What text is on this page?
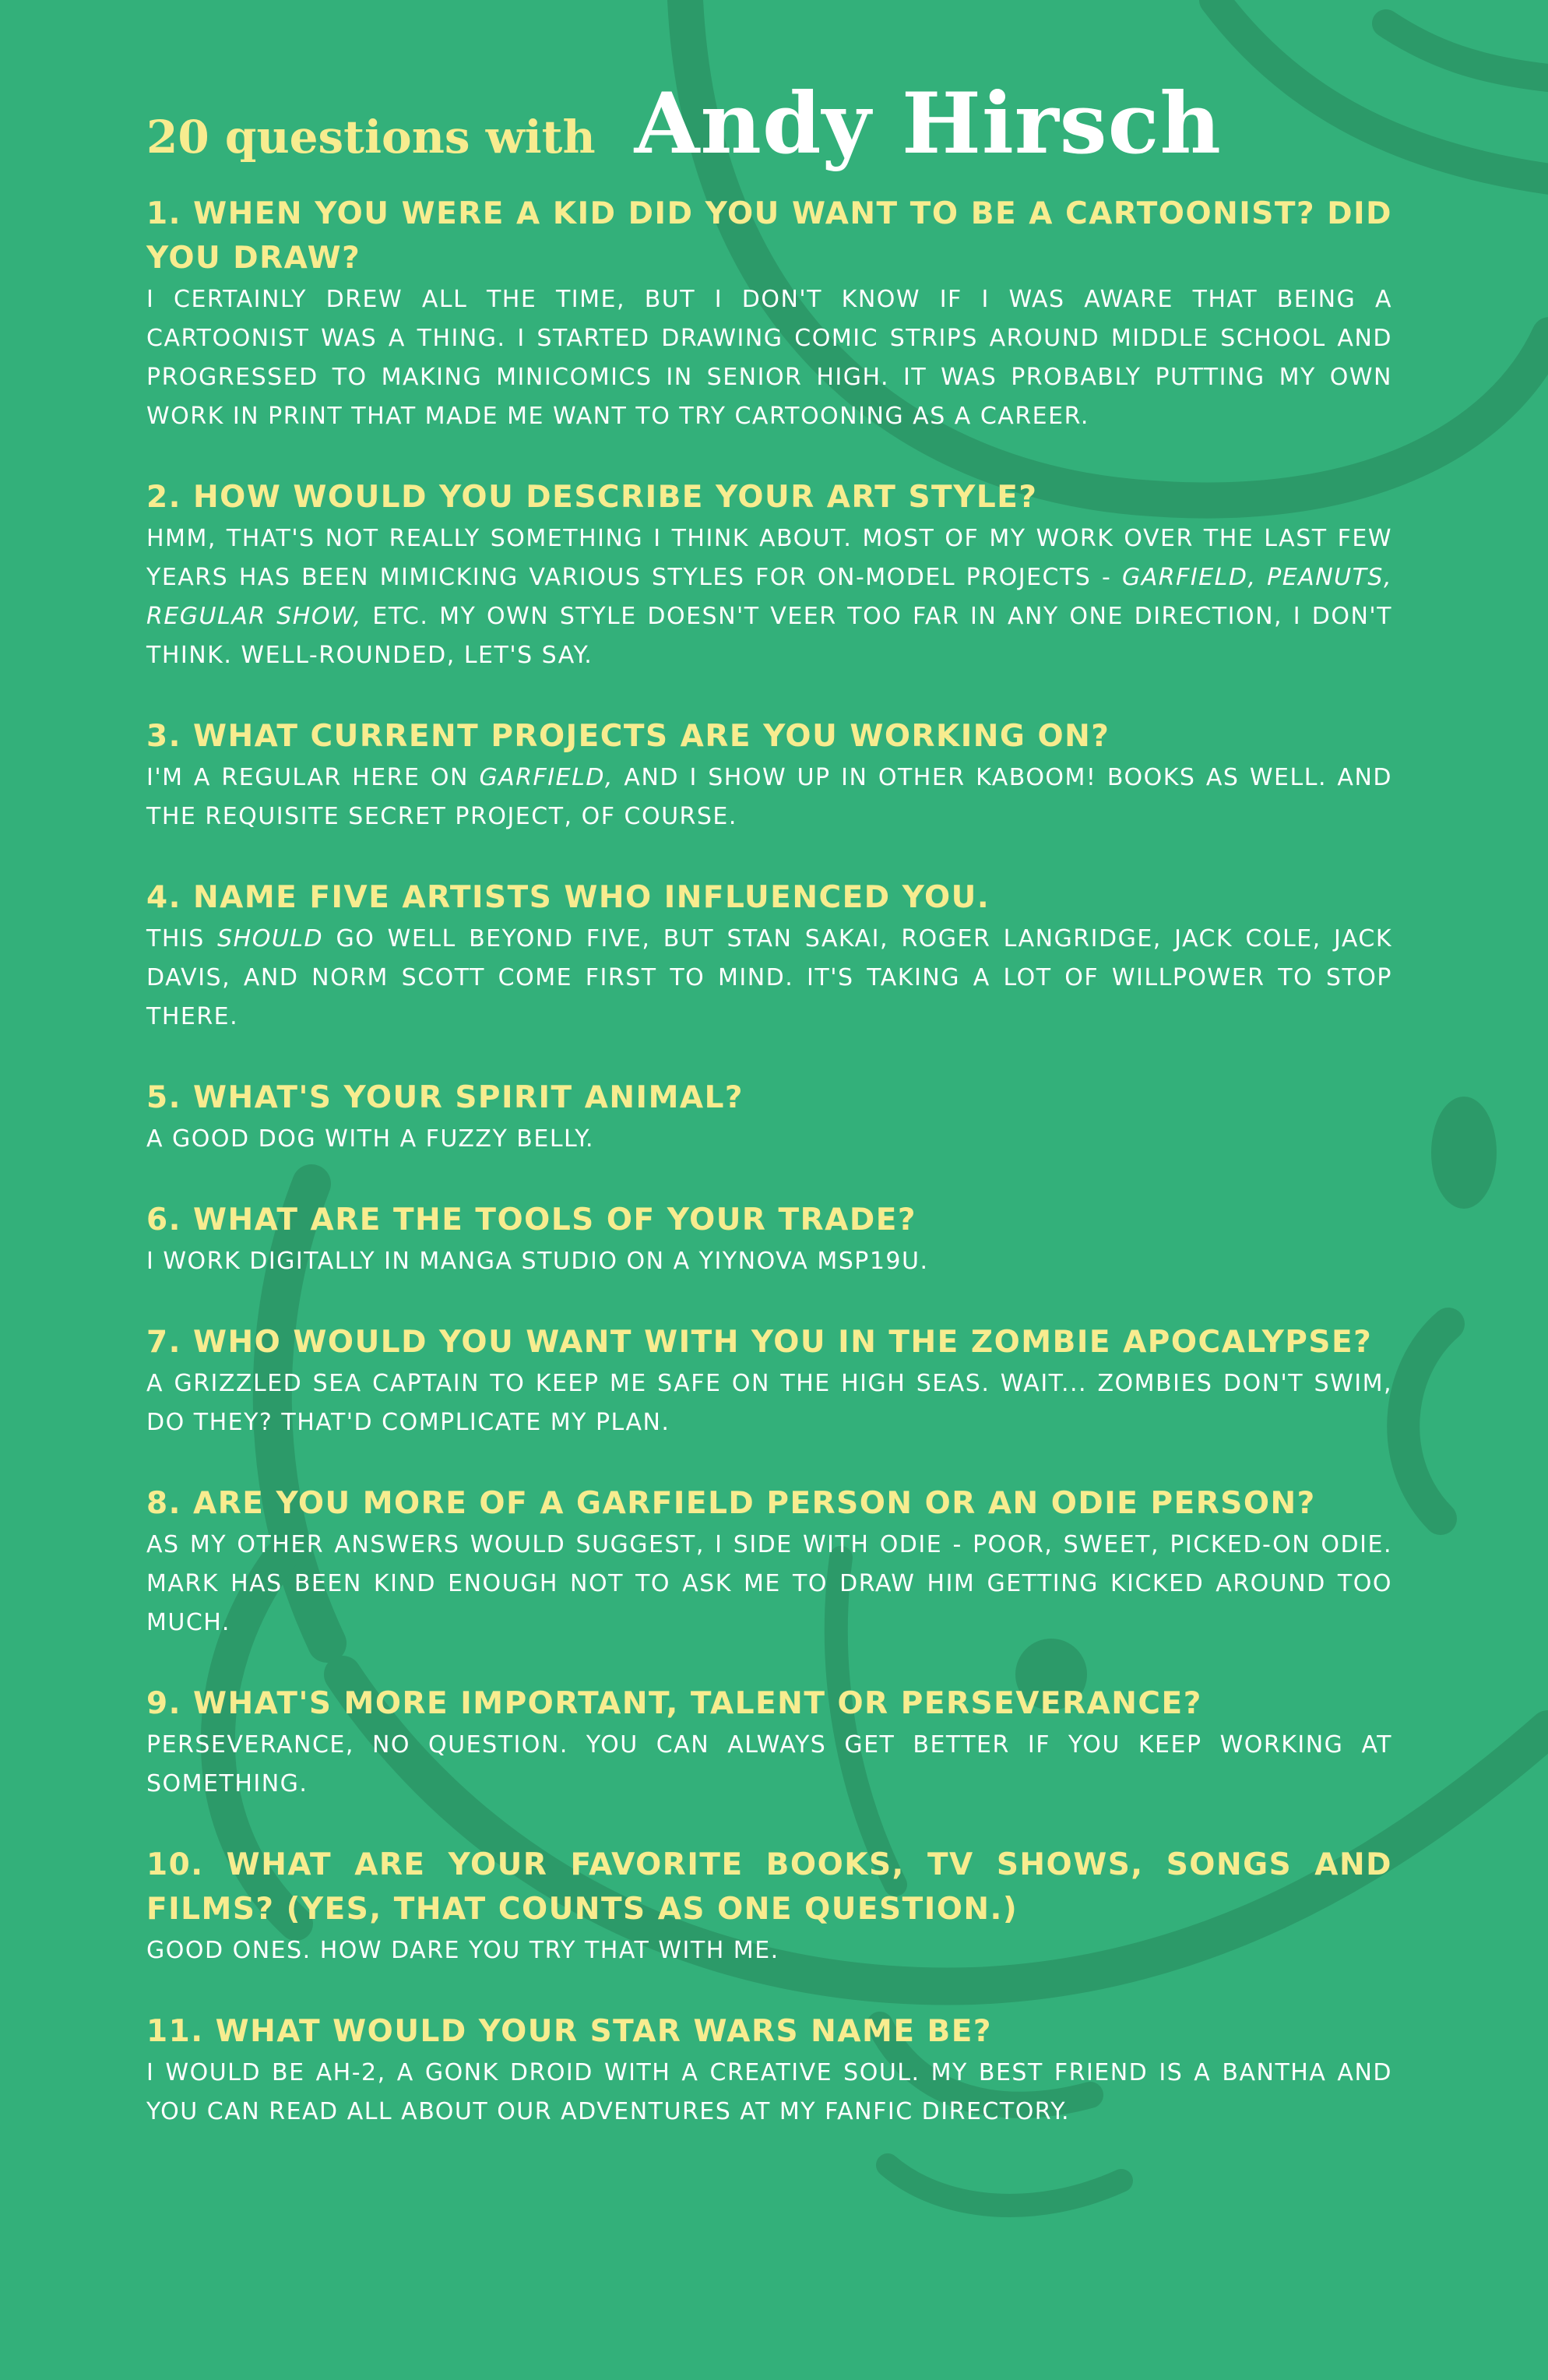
20 questions with Andy Hirsch
1. WHEN YOU WERE A KID DID YOU WANT TO BE A CARTOONIST? DID YOU DRAW?
I CERTAINLY DREW ALL THE TIME, BUT I DON'T KNOW IF I WAS AWARE THAT BEING A CARTOONIST WAS A THING. I STARTED DRAWING COMIC STRIPS AROUND MIDDLE SCHOOL AND PROGRESSED TO MAKING MINICOMICS IN SENIOR HIGH. IT WAS PROBABLY PUTTING MY OWN WORK IN PRINT THAT MADE ME WANT TO TRY CARTOONING AS A CAREER.
2. HOW WOULD YOU DESCRIBE YOUR ART STYLE?
HMM, THAT'S NOT REALLY SOMETHING I THINK ABOUT. MOST OF MY WORK OVER THE LAST FEW YEARS HAS BEEN MIMICKING VARIOUS STYLES FOR ON-MODEL PROJECTS - GARFIELD, PEANUTS, REGULAR SHOW, ETC. MY OWN STYLE DOESN'T VEER TOO FAR IN ANY ONE DIRECTION, I DON'T THINK. WELL-ROUNDED, LET'S SAY.
3. WHAT CURRENT PROJECTS ARE YOU WORKING ON?
I'M A REGULAR HERE ON GARFIELD, AND I SHOW UP IN OTHER KABOOM! BOOKS AS WELL. AND THE REQUISITE SECRET PROJECT, OF COURSE.
4. NAME FIVE ARTISTS WHO INFLUENCED YOU.
THIS SHOULD GO WELL BEYOND FIVE, BUT STAN SAKAI, ROGER LANGRIDGE, JACK COLE, JACK DAVIS, AND NORM SCOTT COME FIRST TO MIND. IT'S TAKING A LOT OF WILLPOWER TO STOP THERE.
5. WHAT'S YOUR SPIRIT ANIMAL?
A GOOD DOG WITH A FUZZY BELLY.
6. WHAT ARE THE TOOLS OF YOUR TRADE?
I WORK DIGITALLY IN MANGA STUDIO ON A YIYNOVA MSP19U.
7. WHO WOULD YOU WANT WITH YOU IN THE ZOMBIE APOCALYPSE?
A GRIZZLED SEA CAPTAIN TO KEEP ME SAFE ON THE HIGH SEAS. WAIT... ZOMBIES DON'T SWIM, DO THEY? THAT'D COMPLICATE MY PLAN.
8. ARE YOU MORE OF A GARFIELD PERSON OR AN ODIE PERSON?
AS MY OTHER ANSWERS WOULD SUGGEST, I SIDE WITH ODIE - POOR, SWEET, PICKED-ON ODIE. MARK HAS BEEN KIND ENOUGH NOT TO ASK ME TO DRAW HIM GETTING KICKED AROUND TOO MUCH.
9. WHAT'S MORE IMPORTANT, TALENT OR PERSEVERANCE?
PERSEVERANCE, NO QUESTION. YOU CAN ALWAYS GET BETTER IF YOU KEEP WORKING AT SOMETHING.
10. WHAT ARE YOUR FAVORITE BOOKS, TV SHOWS, SONGS AND FILMS? (YES, THAT COUNTS AS ONE QUESTION.)
GOOD ONES. HOW DARE YOU TRY THAT WITH ME.
11. WHAT WOULD YOUR STAR WARS NAME BE?
I WOULD BE AH-2, A GONK DROID WITH A CREATIVE SOUL. MY BEST FRIEND IS A BANTHA AND YOU CAN READ ALL ABOUT OUR ADVENTURES AT MY FANFIC DIRECTORY.
